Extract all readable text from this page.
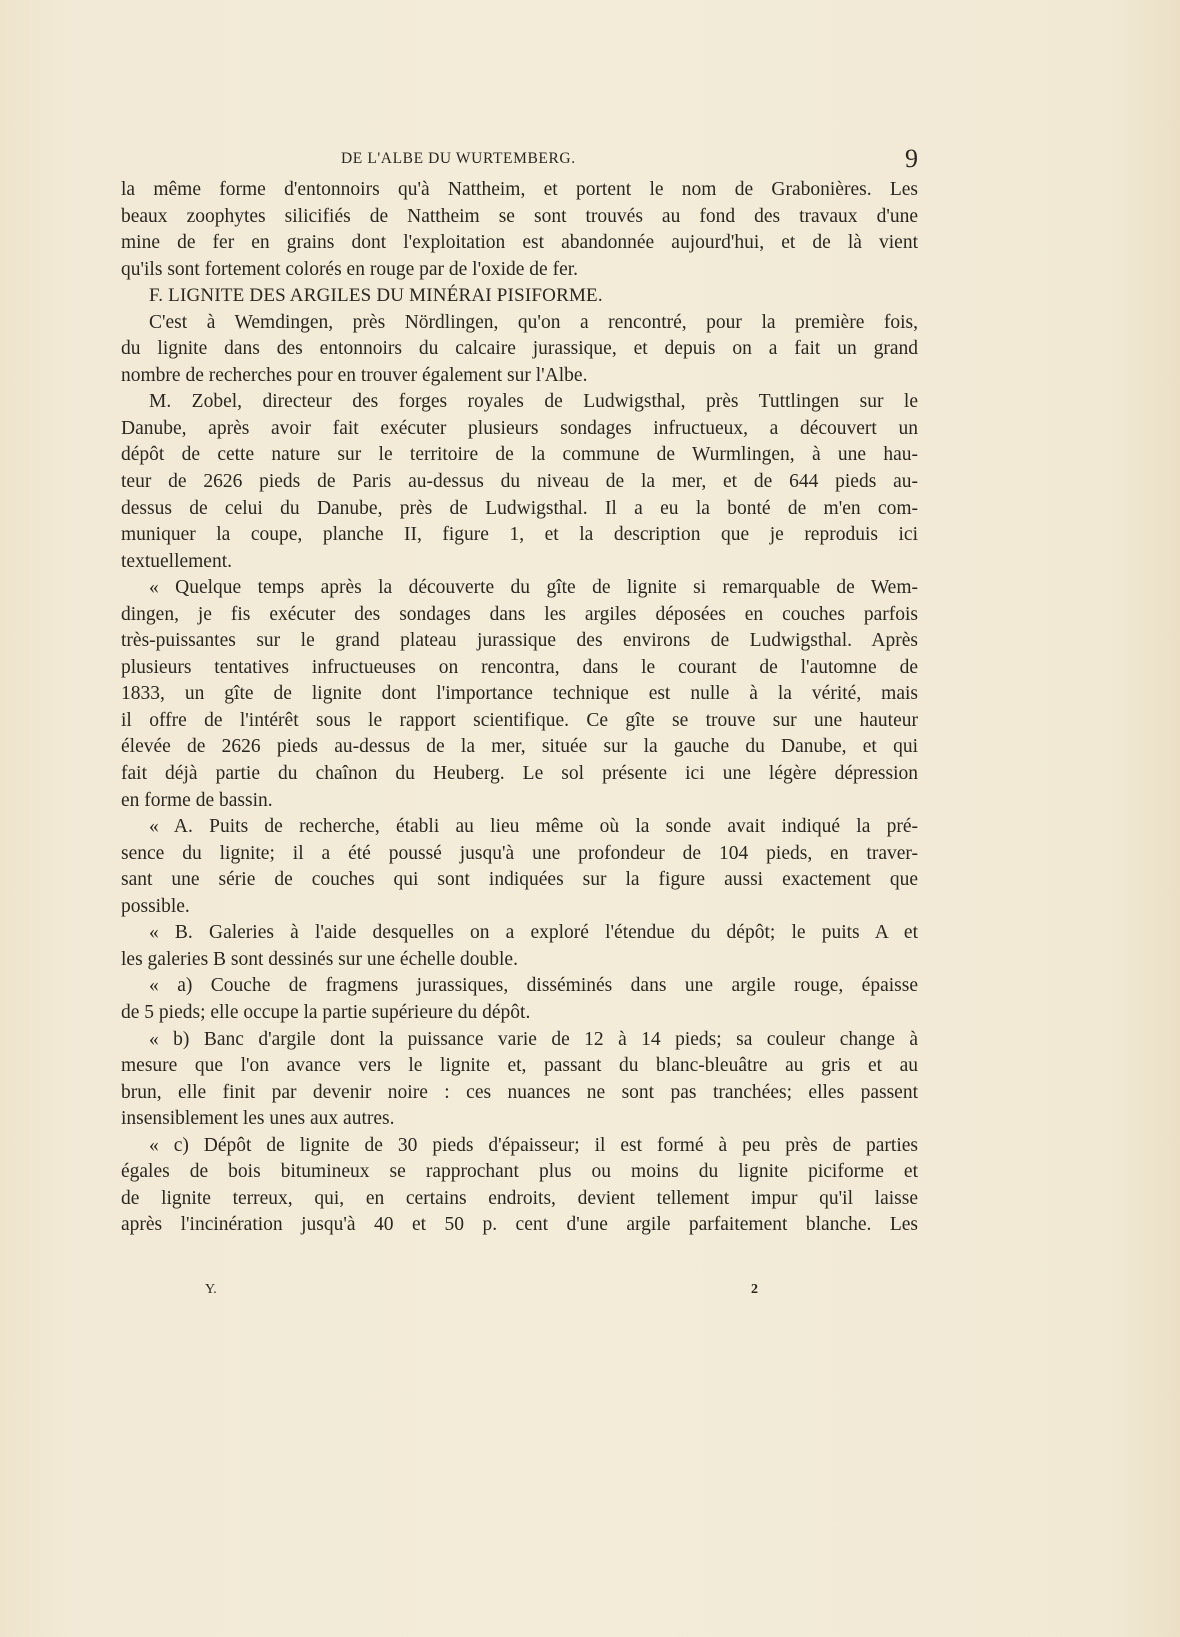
DE L'ALBE DU WURTEMBERG.	9
la même forme d'entonnoirs qu'à Nattheim, et portent le nom de Grabonières. Les
beaux zoophytes silicifiés de Nattheim se sont trouvés au fond des travaux d'une
mine de fer en grains dont l'exploitation est abandonnée aujourd'hui, et de là vient
qu'ils sont fortement colorés en rouge par de l'oxide de fer.
F. LIGNITE DES ARGILES DU MINÉRAI PISIFORME.
C'est à Wemdingen, près Nördlingen, qu'on a rencontré, pour la première fois,
du lignite dans des entonnoirs du calcaire jurassique, et depuis on a fait un grand
nombre de recherches pour en trouver également sur l'Albe.
M. Zobel, directeur des forges royales de Ludwigsthal, près Tuttlingen sur le
Danube, après avoir fait exécuter plusieurs sondages infructueux, a découvert un
dépôt de cette nature sur le territoire de la commune de Wurmlingen, à une hau-
teur de 2626 pieds de Paris au-dessus du niveau de la mer, et de 644 pieds au-
dessus de celui du Danube, près de Ludwigsthal. Il a eu la bonté de m'en com-
muniquer la coupe, planche II, figure 1, et la description que je reproduis ici
textuellement.
« Quelque temps après la découverte du gîte de lignite si remarquable de Wem-
dingen, je fis exécuter des sondages dans les argiles déposées en couches parfois
très-puissantes sur le grand plateau jurassique des environs de Ludwigsthal. Après
plusieurs tentatives infructueuses on rencontra, dans le courant de l'automne de
1833, un gîte de lignite dont l'importance technique est nulle à la vérité, mais
il offre de l'intérêt sous le rapport scientifique. Ce gîte se trouve sur une hauteur
élevée de 2626 pieds au-dessus de la mer, située sur la gauche du Danube, et qui
fait déjà partie du chaînon du Heuberg. Le sol présente ici une légère dépression
en forme de bassin.
« A. Puits de recherche, établi au lieu même où la sonde avait indiqué la pré-
sence du lignite; il a été poussé jusqu'à une profondeur de 104 pieds, en traver-
sant une série de couches qui sont indiquées sur la figure aussi exactement que
possible.
« B. Galeries à l'aide desquelles on a exploré l'étendue du dépôt; le puits A et
les galeries B sont dessinés sur une échelle double.
« a) Couche de fragmens jurassiques, disséminés dans une argile rouge, épaisse
de 5 pieds; elle occupe la partie supérieure du dépôt.
« b) Banc d'argile dont la puissance varie de 12 à 14 pieds; sa couleur change à
mesure que l'on avance vers le lignite et, passant du blanc-bleuâtre au gris et au
brun, elle finit par devenir noire : ces nuances ne sont pas tranchées; elles passent
insensiblement les unes aux autres.
« c) Dépôt de lignite de 30 pieds d'épaisseur; il est formé à peu près de parties
égales de bois bitumineux se rapprochant plus ou moins du lignite piciforme et
de lignite terreux, qui, en certains endroits, devient tellement impur qu'il laisse
après l'incinération jusqu'à 40 et 50 p. cent d'une argile parfaitement blanche. Les
Y.	2
